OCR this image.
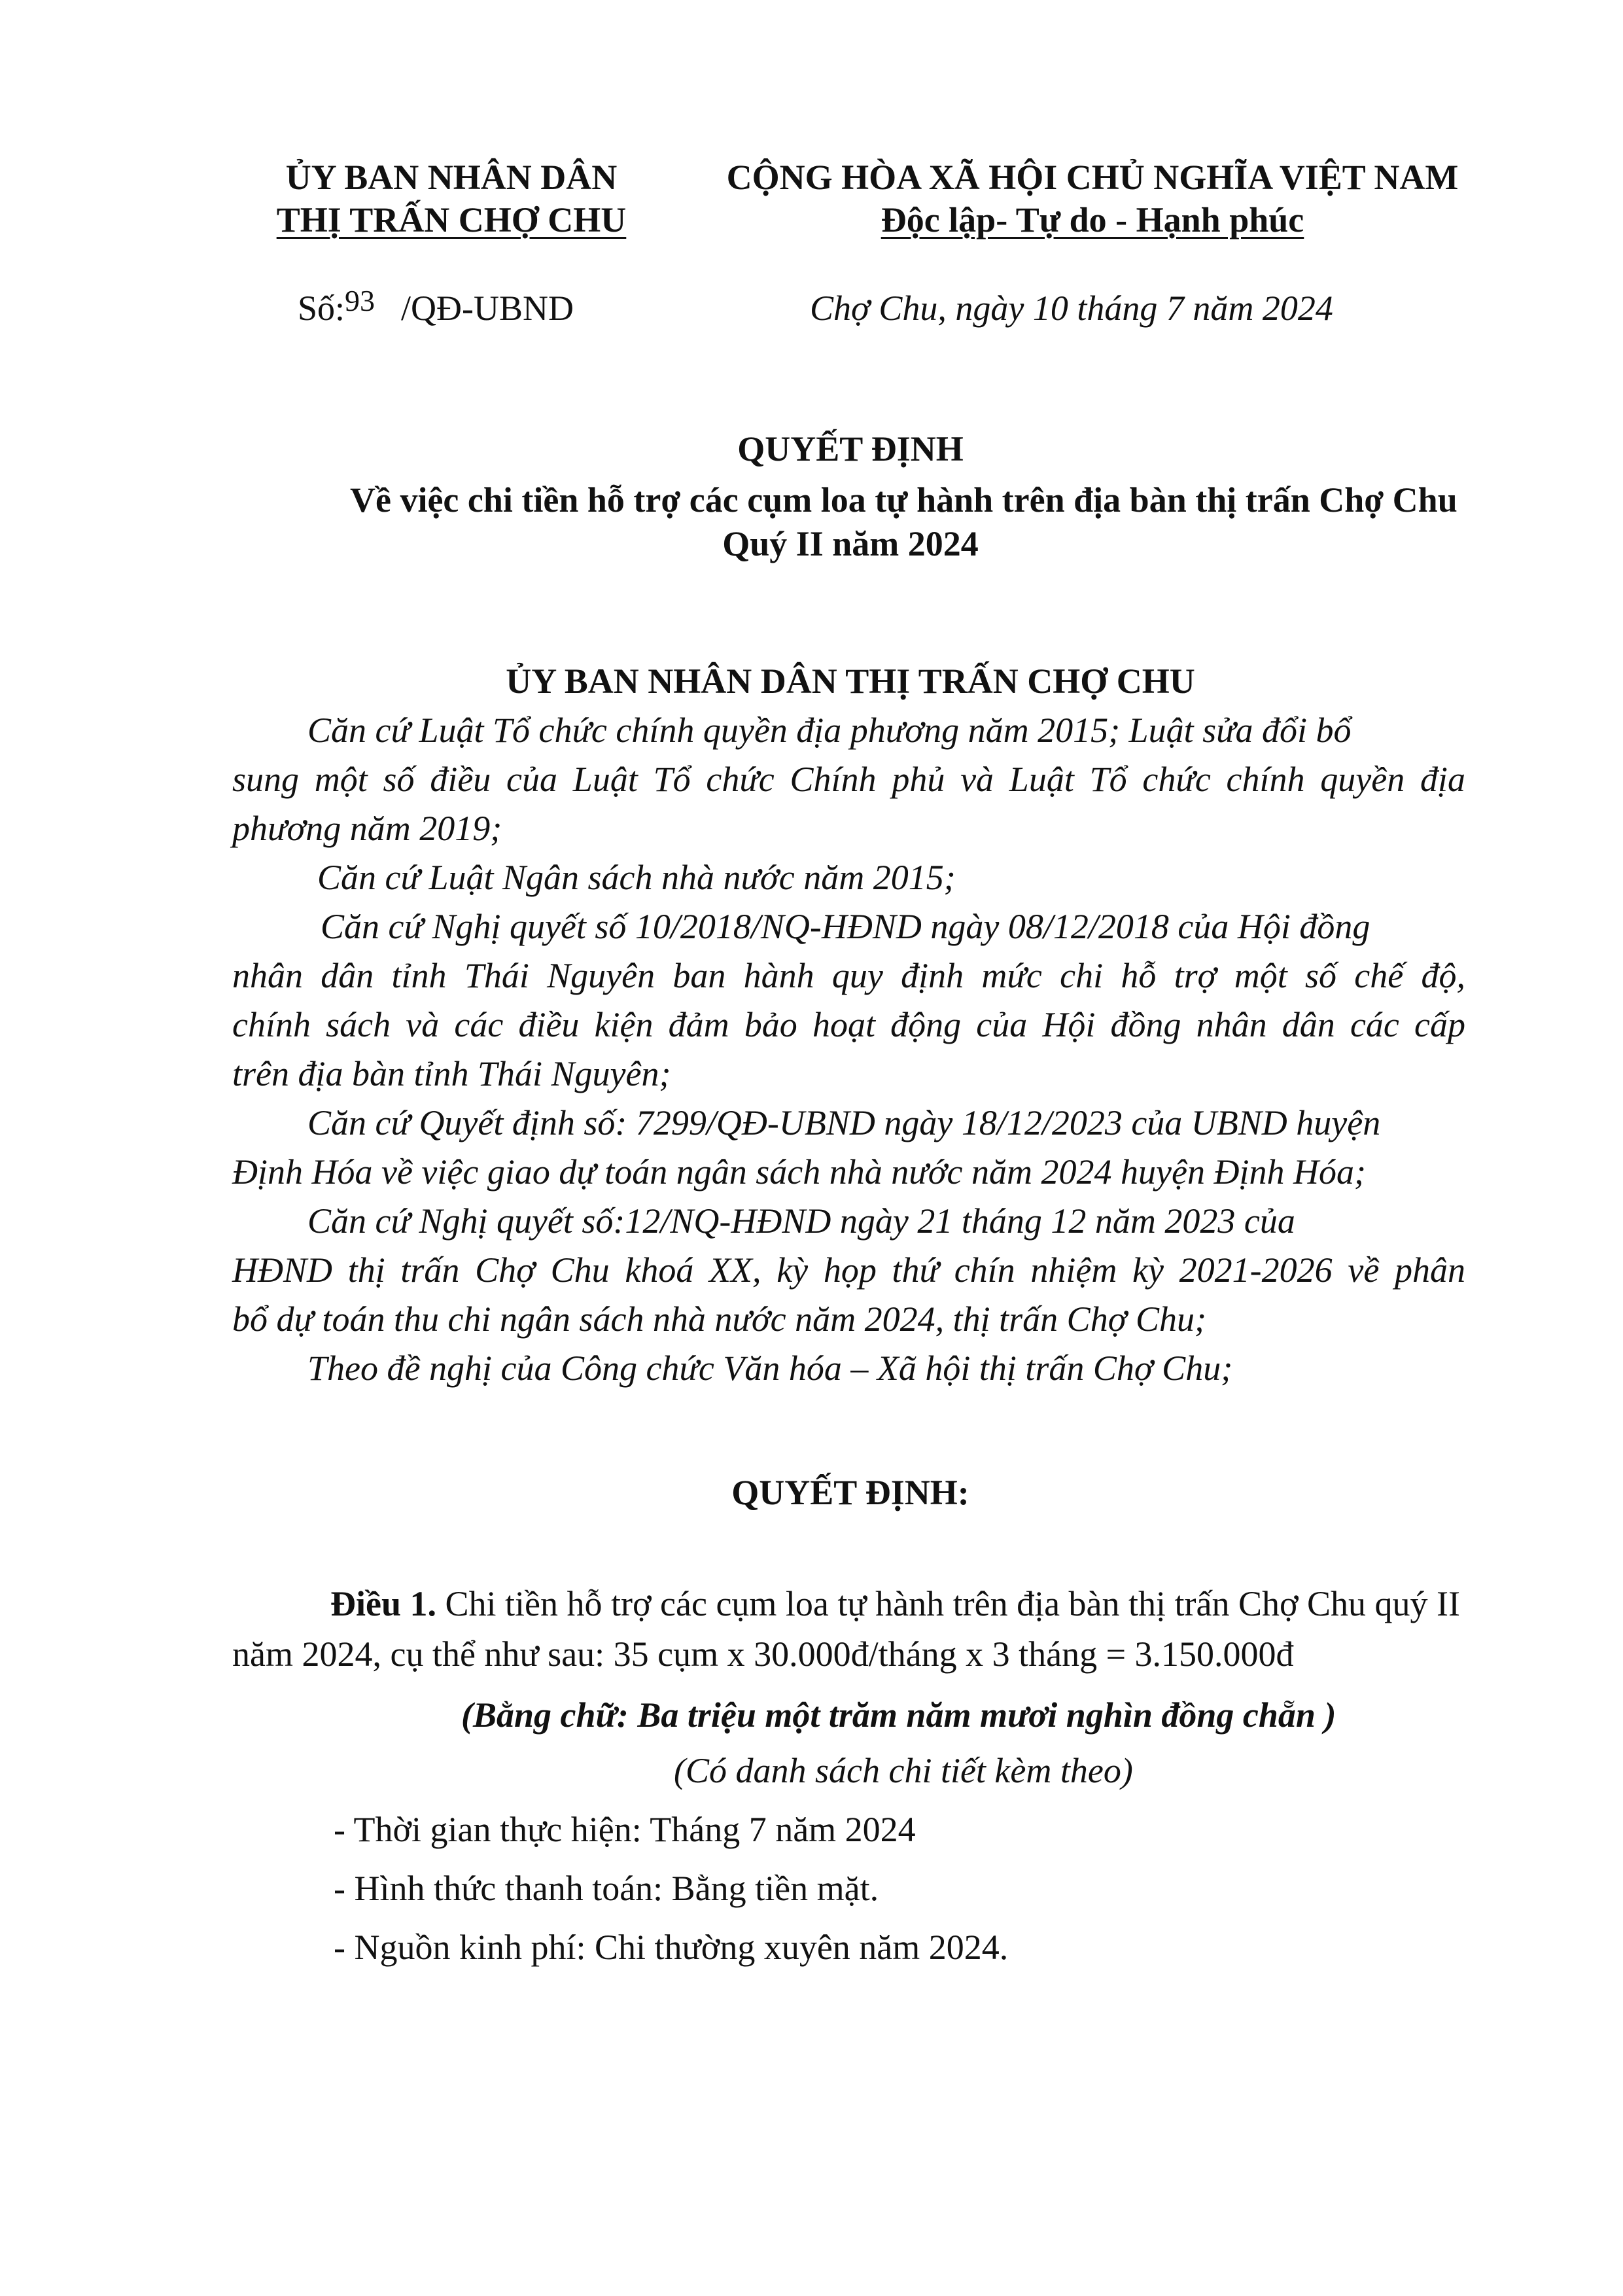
ỦY BAN NHÂN DÂN
THỊ TRẤN CHỢ CHU
CỘNG HÒA XÃ HỘI CHỦ NGHĨA VIỆT NAM
Độc lập- Tự do - Hạnh phúc
Số:93 /QĐ-UBND	Chợ Chu, ngày 10 tháng 7 năm 2024
QUYẾT ĐỊNH
Về việc chi tiền hỗ trợ các cụm loa tự hành trên địa bàn thị trấn Chợ Chu
Quý II năm 2024
ỦY BAN NHÂN DÂN THỊ TRẤN CHỢ CHU
Căn cứ Luật Tổ chức chính quyền địa phương năm 2015; Luật sửa đổi bổ
sung một số điều của Luật Tổ chức Chính phủ và Luật Tổ chức chính quyền địa
phương năm 2019;
Căn cứ Luật Ngân sách nhà nước năm 2015;
Căn cứ Nghị quyết số 10/2018/NQ-HĐND ngày 08/12/2018 của Hội đồng
nhân dân tỉnh Thái Nguyên ban hành quy định mức chi hỗ trợ một số chế độ,
chính sách và các điều kiện đảm bảo hoạt động của Hội đồng nhân dân các cấp
trên địa bàn tỉnh Thái Nguyên;
Căn cứ Quyết định số: 7299/QĐ-UBND ngày 18/12/2023 của UBND huyện
Định Hóa về việc giao dự toán ngân sách nhà nước năm 2024 huyện Định Hóa;
Căn cứ Nghị quyết số:12/NQ-HĐND ngày 21 tháng 12 năm 2023 của
HĐND thị trấn Chợ Chu khoá XX, kỳ họp thứ chín nhiệm kỳ 2021-2026 về phân
bổ dự toán thu chi ngân sách nhà nước năm 2024, thị trấn Chợ Chu;
Theo đề nghị của Công chức Văn hóa – Xã hội thị trấn Chợ Chu;
QUYẾT ĐỊNH:
Điều 1. Chi tiền hỗ trợ các cụm loa tự hành trên địa bàn thị trấn Chợ Chu quý II
năm 2024, cụ thể như sau: 35 cụm x 30.000đ/tháng x 3 tháng = 3.150.000đ
(Bằng chữ: Ba triệu một trăm năm mươi nghìn đồng chẵn )
(Có danh sách chi tiết kèm theo)
- Thời gian thực hiện: Tháng 7 năm 2024
- Hình thức thanh toán: Bằng tiền mặt.
- Nguồn kinh phí: Chi thường xuyên năm 2024.
